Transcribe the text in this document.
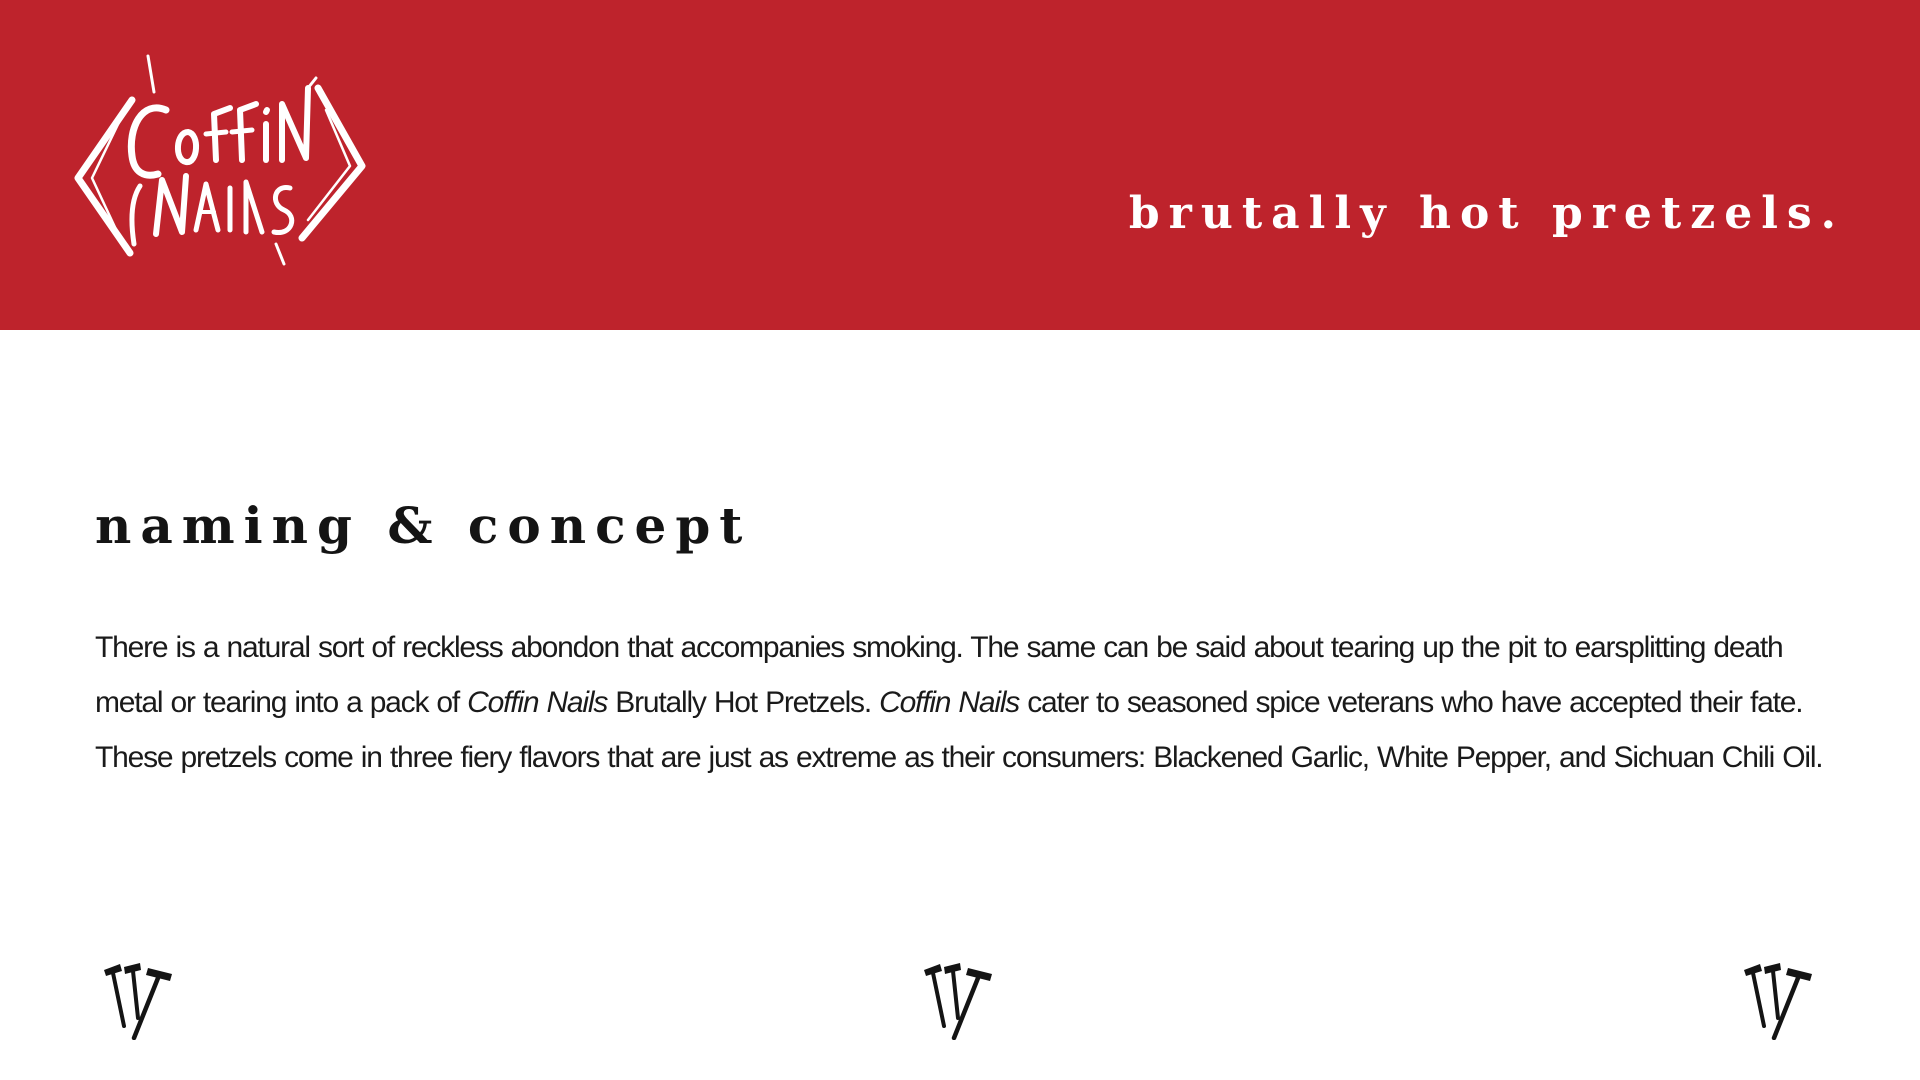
brutally hot pretzels.
naming & concept

There is a natural sort of reckless abondon that accompanies smoking. The same can be said about tearing up the pit to earsplitting death
metal or tearing into a pack of Coffin Nails Brutally Hot Pretzels. Coffin Nails cater to seasoned spice veterans who have accepted their fate.
These pretzels come in three fiery flavors that are just as extreme as their consumers: Blackened Garlic, White Pepper, and Sichuan Chili Oil.
